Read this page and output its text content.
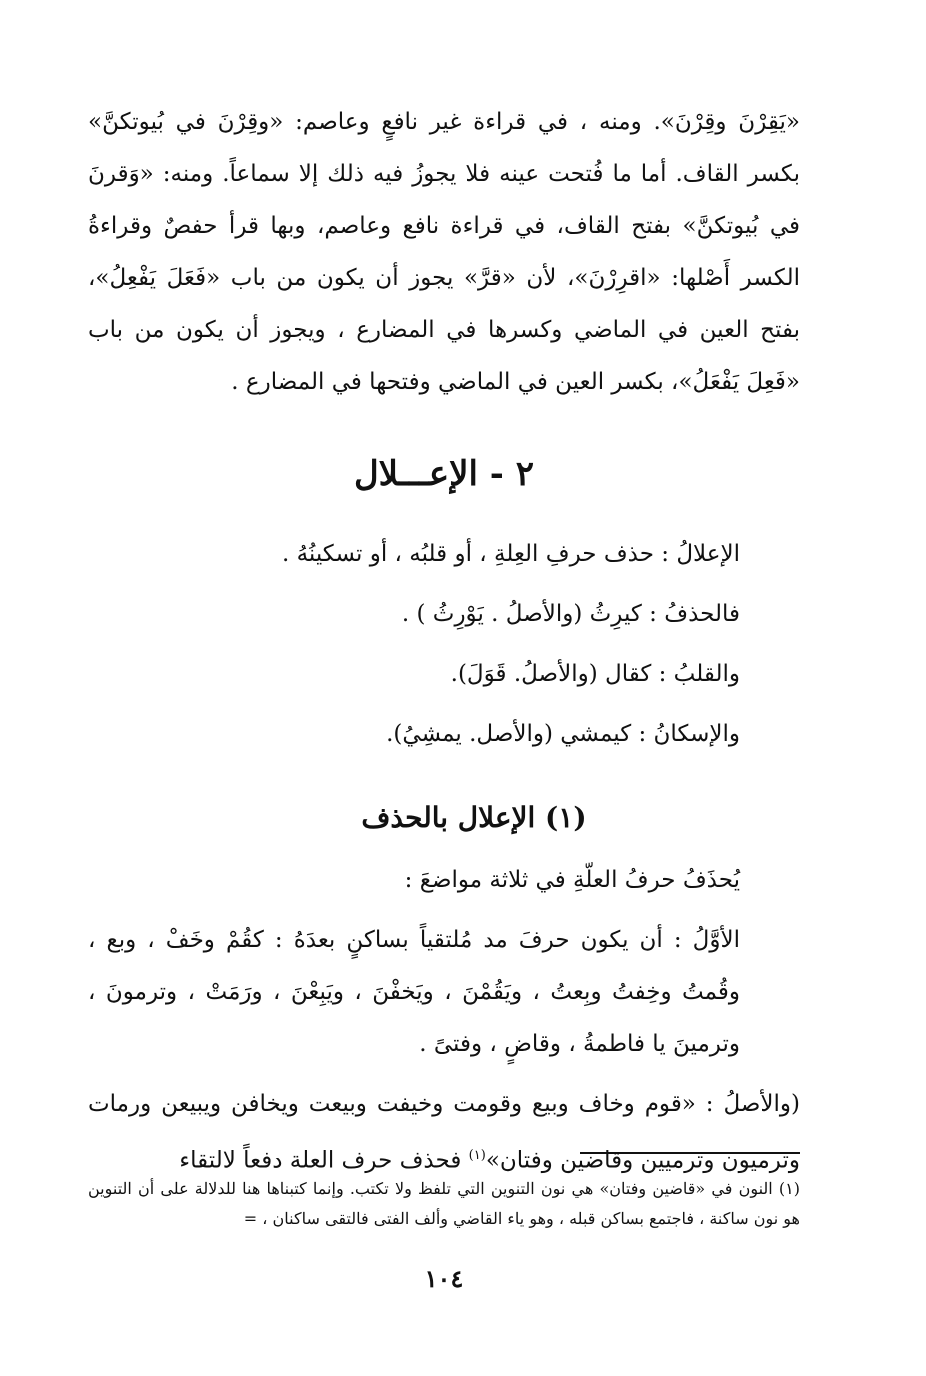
«يَقِرْنَ وقِرْنَ». ومنه ، في قراءة غير نافعٍ وعاصم: «وقِرْنَ في بُيوتكنَّ» بكسر القاف. أما ما فُتحت عينه فلا يجوزُ فيه ذلك إلا سماعاً. ومنه: «وَقرنَ في بُيوتكنَّ» بفتح القاف، في قراءة نافع وعاصم، وبها قرأ حفصٌ وقراءةُ الكسر أَصْلها: «اقرِرْنَ»، لأن «قرَّ» يجوز أن يكون من باب «فَعَلَ يَفْعِلُ»، بفتح العين في الماضي وكسرها في المضارع ، ويجوز أن يكون من باب «فَعِلَ يَفْعَلُ»، بكسر العين في الماضي وفتحها في المضارع .

٢ - الإعـــلال

الإعلالُ : حذف حرفِ العِلةِ ، أو قلبُه ، أو تسكينُهُ .

فالحذفُ : كيرِثُ (والأصلُ . يَوْرِثُ ) .

والقلبُ : كقال (والأصلُ. قَوَلَ).

والإسكانُ : كيمشي (والأصل. يمشِيُ).

(١) الإعلال بالحذف

يُحذَفُ حرفُ العلّةِ في ثلاثة مواضعَ :

الأوَّلُ : أن يكون حرفَ مد مُلتقياً بساكنٍ بعدَهُ : كقُمْ وخَفْ ، وبع ، وقُمتُ وخِفتُ وبِعتُ ، ويَقُمْنَ ، ويَخفْنَ ، ويَبِعْنَ ، ورَمَتْ ، وترمونَ ، وترمينَ يا فاطمةُ ، وقاضٍ ، وفتىً .

(والأصلُ : «قوم وخاف وبيع وقومت وخيفت وبيعت ويخافن ويبيعن ورمات وترميون وترميين وقاضين وفتان»$^{(١)}$ فحذف حرف العلة دفعاً لالتقاء

(١) النون في «قاضين وفتان» هي نون التنوين التي تلفظ ولا تكتب. وإنما كتبناها هنا للدلالة على أن التنوين هو نون ساكنة ، فاجتمع بساكن قبله ، وهو ياء القاضي وألف الفتى فالتقى ساكنان ، =

١٠٤
